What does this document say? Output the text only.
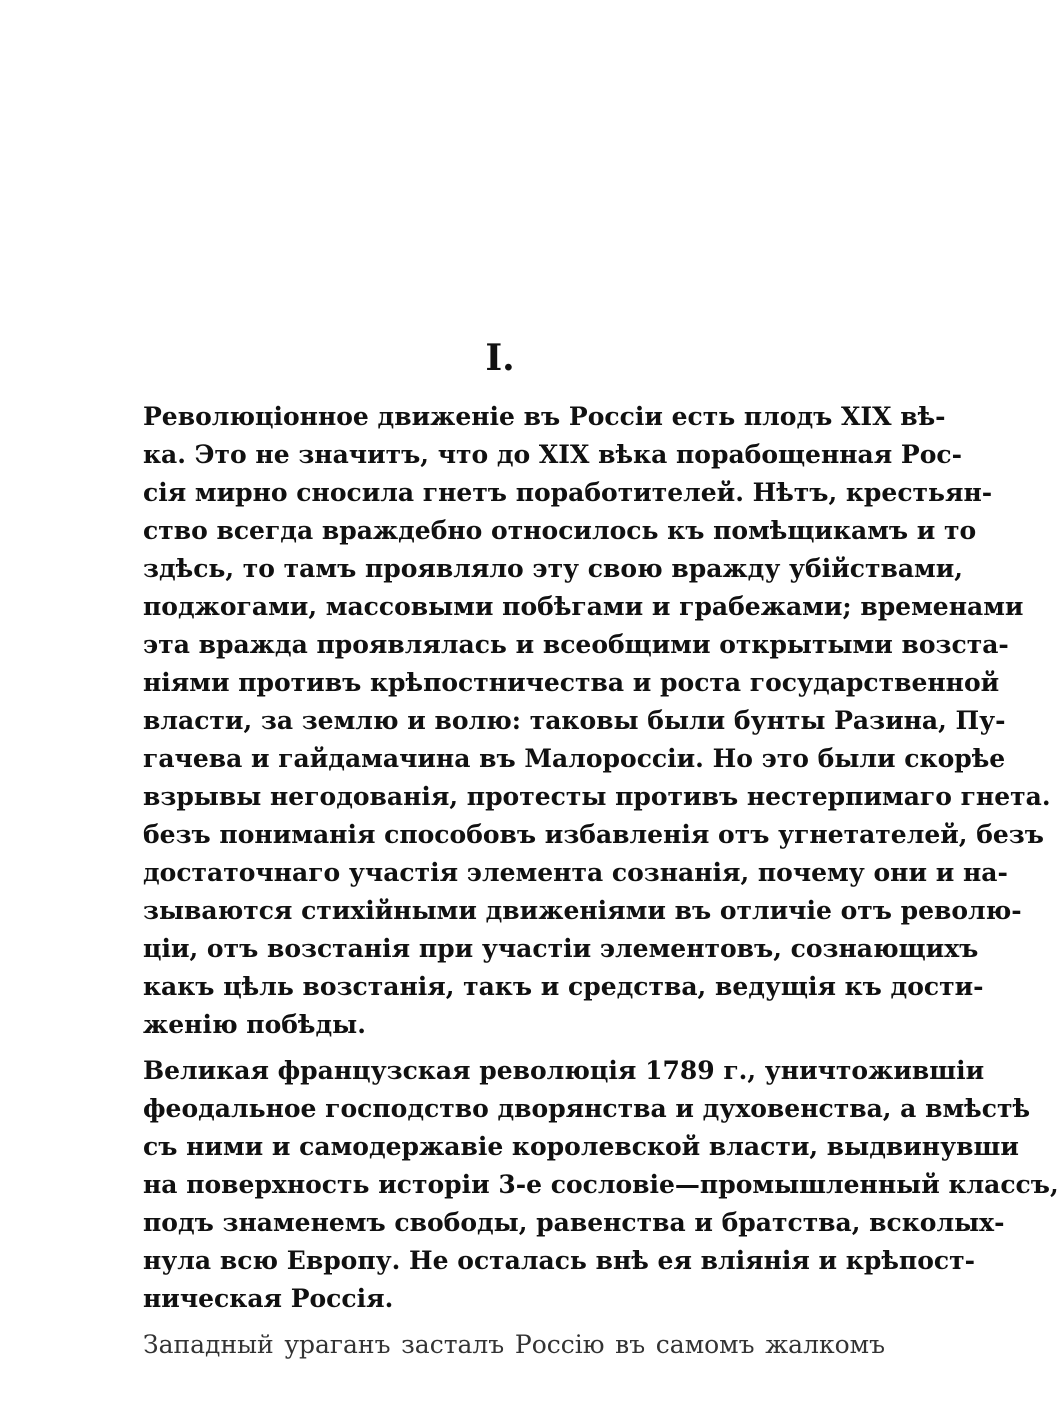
I.
Революціонное движеніе въ Россіи есть плодъ XIX вѣ-
ка. Это не значитъ, что до XIX вѣка порабощенная Рос-
сія мирно сносила гнетъ поработителей. Нѣтъ, крестьян-
ство всегда враждебно относилось къ помѣщикамъ и то
здѣсь, то тамъ проявляло эту свою вражду убійствами,
поджогами, массовыми побѣгами и грабежами; временами
эта вражда проявлялась и всеобщими открытыми возста-
ніями противъ крѣпостничества и роста государственной
власти, за землю и волю: таковы были бунты Разина, Пу-
гачева и гайдамачина въ Малороссіи. Но это были скорѣе
взрывы негодованія, протесты противъ нестерпимаго гнета.
безъ пониманія способовъ избавленія отъ угнетателей, безъ
достаточнаго участія элемента сознанія, почему они и на-
зываются стихійными движеніями въ отличіе отъ револю-
ціи, отъ возстанія при участіи элементовъ, сознающихъ
какъ цѣль возстанія, такъ и средства, ведущія къ дости-
женію побѣды.
Великая французская революція 1789 г., уничтожившіи
феодальное господство дворянства и духовенства, а вмѣстѣ
съ ними и самодержавіе королевской власти, выдвинувши
на поверхность исторіи 3-е сословіе—промышленный классъ,
подъ знаменемъ свободы, равенства и братства, всколых-
нула всю Европу. Не осталась внѣ ея вліянія и крѣпост-
ническая Россія.
Западный ураганъ засталъ Россію въ самомъ жалкомъ
